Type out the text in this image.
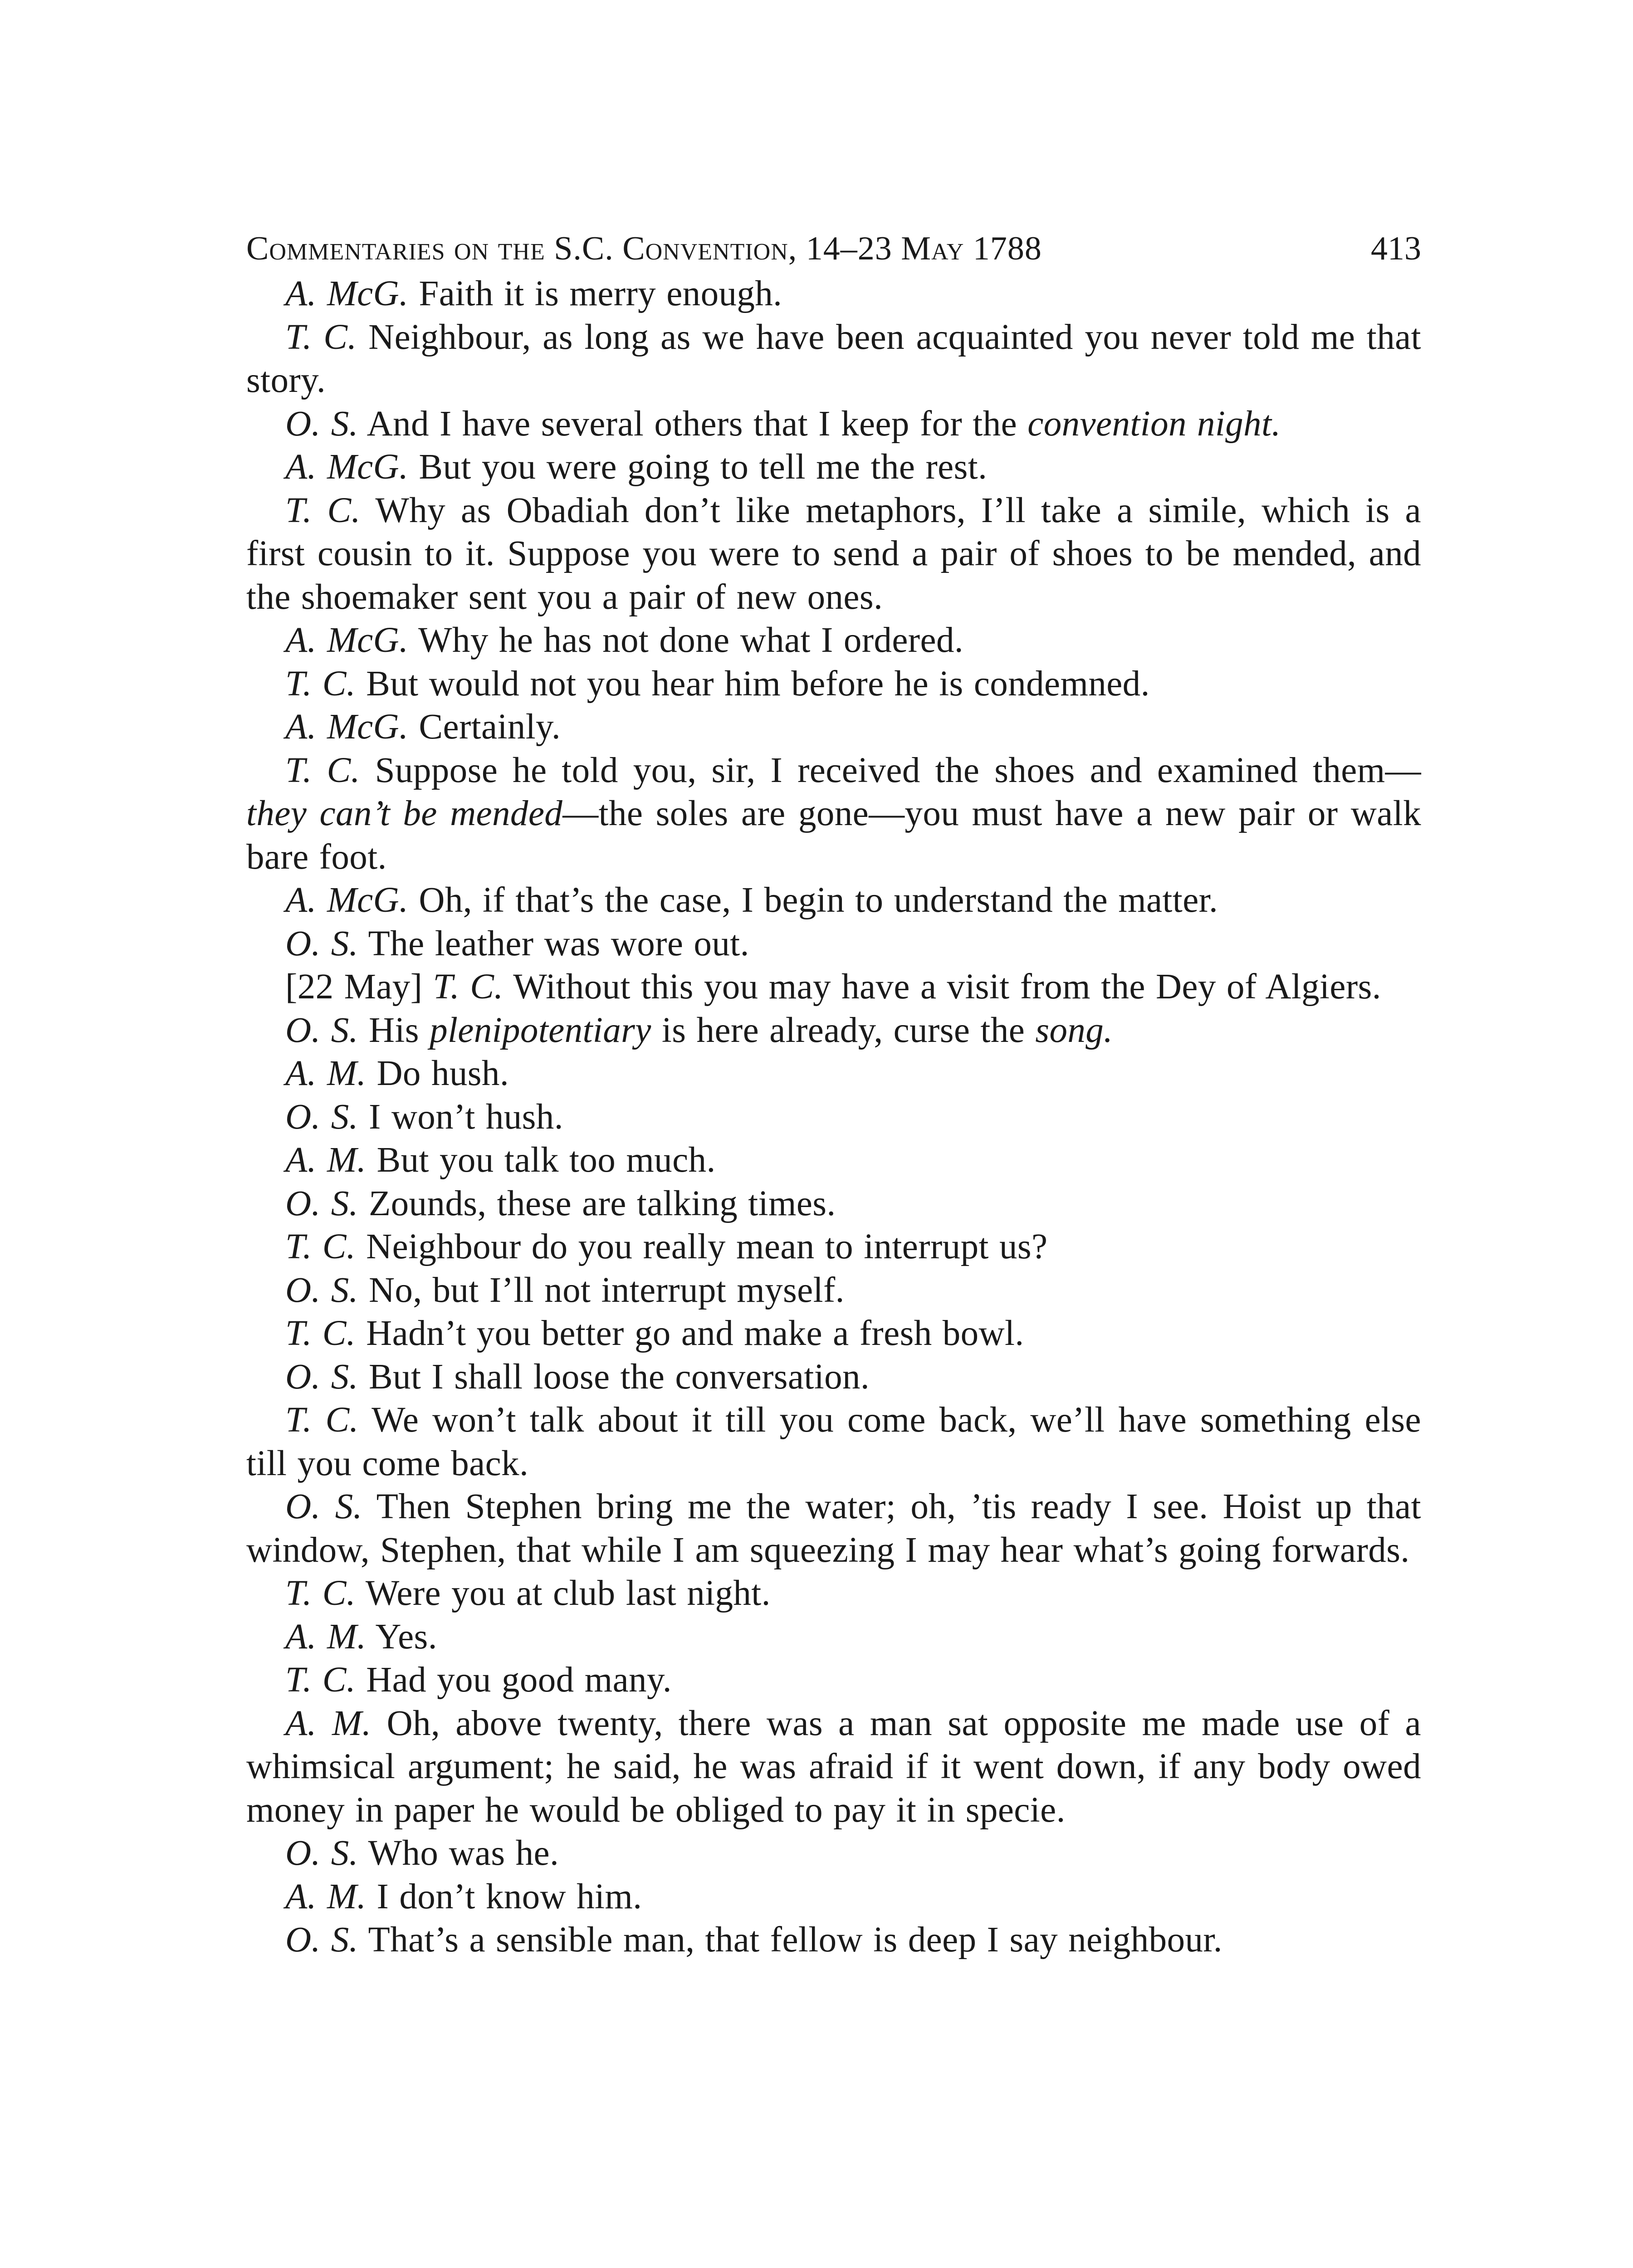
Commentaries on the S.C. Convention, 14–23 May 1788	413

A. McG. Faith it is merry enough.

T. C. Neighbour, as long as we have been acquainted you never told me that story.

O. S. And I have several others that I keep for the convention night.

A. McG. But you were going to tell me the rest.

T. C. Why as Obadiah don’t like metaphors, I’ll take a simile, which is a first cousin to it. Suppose you were to send a pair of shoes to be mended, and the shoemaker sent you a pair of new ones.

A. McG. Why he has not done what I ordered.

T. C. But would not you hear him before he is condemned.

A. McG. Certainly.

T. C. Suppose he told you, sir, I received the shoes and examined them—they can’t be mended—the soles are gone—you must have a new pair or walk bare foot.

A. McG. Oh, if that’s the case, I begin to understand the matter.

O. S. The leather was wore out.

[22 May] T. C. Without this you may have a visit from the Dey of Algiers.

O. S. His plenipotentiary is here already, curse the song.

A. M. Do hush.

O. S. I won’t hush.

A. M. But you talk too much.

O. S. Zounds, these are talking times.

T. C. Neighbour do you really mean to interrupt us?

O. S. No, but I’ll not interrupt myself.

T. C. Hadn’t you better go and make a fresh bowl.

O. S. But I shall loose the conversation.

T. C. We won’t talk about it till you come back, we’ll have something else till you come back.

O. S. Then Stephen bring me the water; oh, ’tis ready I see. Hoist up that window, Stephen, that while I am squeezing I may hear what’s going forwards.

T. C. Were you at club last night.

A. M. Yes.

T. C. Had you good many.

A. M. Oh, above twenty, there was a man sat opposite me made use of a whimsical argument; he said, he was afraid if it went down, if any body owed money in paper he would be obliged to pay it in specie.

O. S. Who was he.

A. M. I don’t know him.

O. S. That’s a sensible man, that fellow is deep I say neighbour.
